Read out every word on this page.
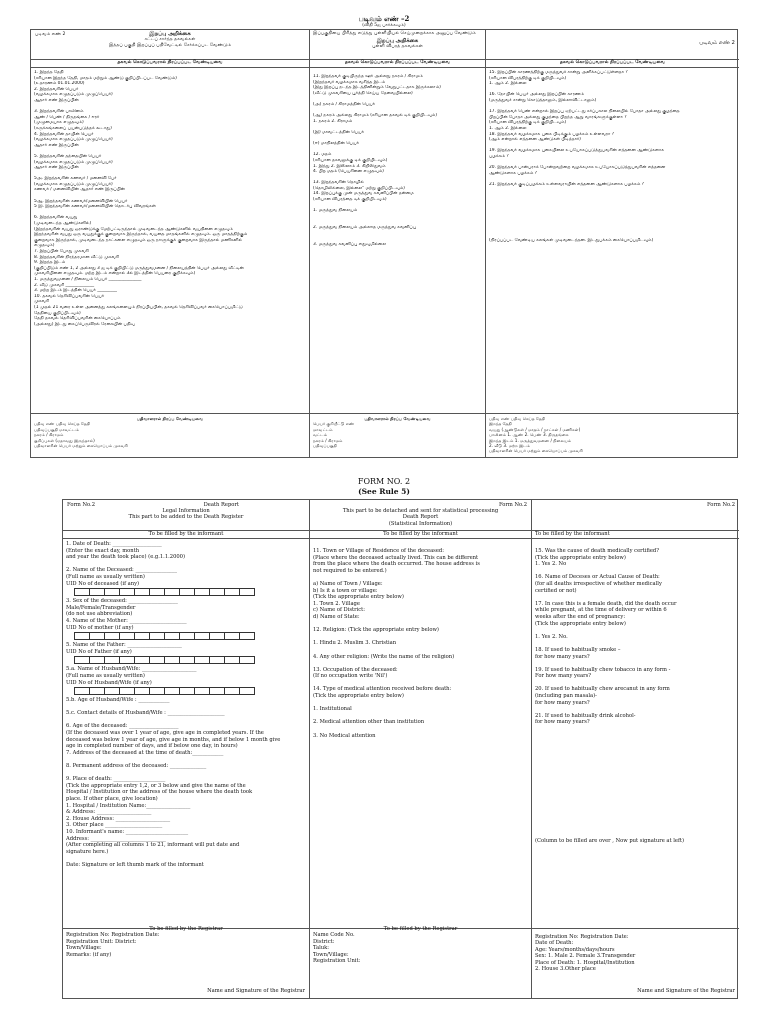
படிவம் எண் –2
(விதி 5ஐ பார்க்கவும்)
படிவம் எண் 2	இறப்பு அறிக்கை
சட்டப் சார்ந்த தகவல்கள்
இத்தப் பகுதி இறப்புப் பதிவேட்டில் சேர்க்கப்பட வேண்டும்
தகவல் கொடுப்பவரால் நிரப்பப்பட வேண்டியவை
1. இறந்த தேதி
(சரியான இறந்த தேதி, மாதம் மற்றும் ஆண்டு குறிப்பிடப்பட வேண்டும்)
(உதாரணம் 01.01.2000)
2. இறந்தவரின் பெயர்
(வழக்கமாக எழுதப்படும் முழுப்பெயர்)
ஆதார் எண் இருப்பின்

3. இறந்தவரின் பாலினம்
ஆண் / பெண் / திருநங்கை / ஈரர்
(முழுமையாக எழுதவும்)
(சுருக்கங்களைப் பயன்படுத்தக் கூடாது)
4. இறந்தவரின் தாயின் பெயர்
(வழக்கமாக எழுதப்படும் முழுப்பெயர்)
ஆதார் எண் இருப்பின்

5. இறந்தவரின் தந்தையின் பெயர்
(வழக்கமாக எழுதப்படும் முழுப்பெயர்)
ஆதார் எண் இருப்பின்

5அ. இறந்தவரின் கணவர் / மனைவி பேர்
(வழக்கமாக எழுதப்படும் முழுப்பெயர்)
கணவர் / மனைவியின் ஆதார் எண் இருப்பின்

5ஆ. இறந்தவரின் கணவர்/மனைவியின் பெயர்
5 இ. இறந்தவரின் கணவர்/மனைவியின் தொடர்பு விவரங்கள்

6. இறந்தவரின் வயது
(முடிவடைந்த ஆண்டுகளில்)
(இறந்தவரின் வயது ஒராண்டுக்கு மேற்பட்டிருந்தால் முடிவடைந்த ஆண்டுகளில் வயதினை எழுதவும்
இறந்தவரின் வயது ஒரு வயதுக்குக் குறைவாக இருந்தால், வயதை மாதங்களில் எழுதவும். ஒரு மாதத்திற்கும்
குறைவாக இருந்தால், முடிவடைந்த நாட்களை எழுதவும் ஒரு நாளுக்குக் குறைவாக இருந்தால் மணிகளில்
எழுதவும்)
7. இறப்பின் போது முகவரி
8. இறந்தவரின் நிரந்தரமான வீட்டு முகவரி
9. இறந்த இடம்
(குறிப்பிடும் எண் 1, 2 அல்லது 3 ஐ டிக் குறியிட்டு மருத்துவமனை / நிலையத்தின் பெயர் அல்லது வீட்டின்
முகவரியினை எழுதவும். மற்ற இடம் என்றால் 3ல் இடத்தின் பெயரை குறிக்கவும்)
1. மருத்துவமனை / நிலையம் பெயர் _______________
2. வீடு முகவரி _____________
3. மற்ற இடம் இடத்தின் பெயர் _________
10. தகவல் தெரிவிப்பவரின் பெயர்
முகவரி
(1 முதல் 21 வரை உள்ள அனைத்து கலங்களையும் நிரப்பியபின், தகவல் தெரிவிப்பவர் கையொப்பமிட்டு
தேதியை குறிப்பிடவும்)
தேதி தகவல் தெரிவிப்பவரின் கையொப்பம்
(அல்லது) இடது கைப்பெருவிரல் ரேகையின் பதிவு
பதிவாளரால் நிரப்ப வேண்டியவை
பதிவு எண் பதிவு செய்த தேதி
பதிவுப்பகுதி மாவட்டம்
நகரம் / கிராமம்
குறிப்புகள் (ஏதாவது இருந்தால்)
பதிவாளரின் பெயர் மற்றும் கையொப்பம் முகவரி
இப்பகுதியை பிரித்து எடுத்து புள்ளியியல் செய்முறைக்காக அனுப்ப வேண்டும்
இறப்பு அறிக்கை
புள்ளி விபரத் தகவல்கள்
தகவல் கொடுப்பவரால் நிரப்பப்பட வேண்டியவை
11. இறந்தவர் குடியிருந்த ஊர் அல்லது நகரம் / கிராமம்
(இறந்தவர் வழக்கமாக வசித்த இடம்
(இது இறப்பு நடந்த இடத்தினின்றும் வேறுபட்டதாக இருக்கலாம்)
(வீட்டு முகவரியை பூர்த்தி செய்ய தேவையில்லை)

(அ) நகரம் / கிராமத்தின் பெயர்

(ஆ) நகரம் அல்லது கிராமம் (சரியான தகவல் டிக் குறியிடவும்)
1. நகரம் 2. கிராமம்

(இ) மாவட்டத்தின் பெயர்

(ஈ) மாநிலத்தின் பெயர்

12. மதம்
(சரியான தகவலுக்கு டிக் குறியிடவும்)
1. இந்து 2. இஸ்லாம் 3. கிறிஸ்துவம்
4. பிற மதம் (பெயரினை எழுதவும்)

13. இறந்தவரின் தொழில்
(தொழிலில்லை, இல்லை" மற்று குறிப்பிடவும்)
14. இறப்புக்கு முன் மருத்துவ கவனிப்பின் தன்மை
(சரியான விபரத்தை டிக் குறியிடவும்)

1. மருத்துவ நிலையம்

2. மருத்துவ நிலையம் அல்லாத மருத்துவ கவனிப்பு

3. மருத்துவ கவனிப்பு எதுவுமில்லை
பதிவாளரால் நிரப்ப வேண்டியவை
பெயர் குறியீட்டு எண்
மாவட்டம்
வட்டம்
நகரம் / கிராமம்
பதிவுப்பகுதி
படிவம் எண் 2
தகவல் கொடுப்பவரால் நிரப்பப்பட வேண்டியவை
15. இறப்பின் காரணத்திற்கு மருத்துவச் சான்று அளிக்கப்பட்டுள்ளதா ?
(சரியான விபரத்திற்கு டிக் குறியிடவும்)
1. ஆம் 2. இல்லை

16. நோயின் பெயர் அல்லது இறப்பின் காரணம்
(மருத்துவச் சான்று கொடுத்தாலும், இல்லாவிட்டாலும்)

17. இறந்தவர் பெண் என்றால் இறப்பு ஏற்பட்டது கர்ப்பகால நிலையில் போதா அல்லது குழந்தை
பிறப்பின் போதா அல்லது குழந்தை பிறந்த ஆறு வாரங்களுக்குள்ளா ?
(சரியான விபரத்திற்கு டிக் குறியிடவும்)
1. ஆம் 2. இல்லை
18. இறந்தவர் வழக்கமாக புகை பிடிக்கும் பழக்கம் உள்ளவரா ?
(ஆம் என்றால் எத்தனை ஆண்டுகள் பிடித்தார்)

19. இறந்தவர் வழக்கமாக புகையிலை உபயோகப்படுத்துபவரின் எத்தனை ஆண்டுகளாக
பழக்கம் ?

20. இறந்தவர் பான்பராக் போன்றவற்றை வழக்கமாக உபயோகப்படுத்துபவரின் எத்தனை
ஆண்டுகளாக பழக்கம் ?

21. இறந்தவர் குடிப்பழக்கம் உள்ளவராயின் எத்தனை ஆண்டுகளாக பழக்கம் ?

(நிரப்பப்பட வேண்டிய கலங்கள் முடிவடைந்தன. இடதுபக்கம் கையொப்பமிடவும்)
பதிவு எண் பதிவு செய்த தேதி
இறந்த தேதி
வயது (ஆண்டுகள் / மாதம் / நாட்கள் / மணிகள்)
பாலினம் 1. ஆண் 2. பெண் 3. திருநங்கை
இறந்த இடம் 1. மருத்துவமனை / நிலையம்
2. வீடு 3. மற்ற இடம்
பதிவாளரின் பெயர் மற்றும் கையொப்பம் முகவரி
FORM NO. 2
(See Rule 5)
Form No.2	Death Report
Legal Information
This part to be added to the Death Register
To be filled by the informant
1. Date of Death: ___________________
(Enter the exact day, month
and year the death took place) (e.g.1.1.2000)

2. Name of the Deceased: ________________
(Full name as usually written)
UID No of deceased (if any)
3. Sex of the deceased: ___________________
Male/Female/Transgender
(do not use abbreviation)
4. Name of the Mother: ______________________
UID No of mother (if any)
5. Name of the Father: _____________________
UID No of Father (if any)
5.a. Name of Husband/Wife: _____________________
(Full name as usually written)
UID No of Husband/Wife (if any)
5.b. Age of Husband/Wife : ____________

5.c. Contact details of Husband/Wife : ______________________

6. Age of the deceased: ___________________
(If the deceased was over 1 year of age, give age in completed years. If the
deceased was below 1 year of age, give age in months, and if below 1 month give
age in completed number of days, and if below one day, in hours)
7. Address of the deceased at the time of death:____________

8. Permanent address of the deceased: ______________

9. Place of death: ____________________
(Tick the appropriate entry 1,2, or 3 below and give the name of the
Hospital / Institution or the address of the house where the death took
place. If other place, give location)
1. Hospital / Institution Name:_________________
& Address: _____________________
2. House Address: _____________________
3. Other place ______________________
10. Informant's name: ________________________
Address: _____________________________
(After completing all columns 1 to 21, informant will put date and
signature here.)

Date: Signature or left thumb mark of the informant
To be filled by the Registrar
Registration No: Registration Date:
Registration Unit: District:
Town/Village:
Remarks: (if any)
Name and Signature of the Registrar
Form No.2
This part to be detached and sent for statistical processing
Death Report
(Statistical Information)
To be filled by the informant
11. Town or Village of Residence of the deceased:
(Place where the deceased actually lived. This can be different
from the place where the death occurred. The house address is
not required to be entered.)

a) Name of Town / Village:
b) Is it a town or village:
(Tick the appropriate entry below)
1. Town 2. Village
c) Name of District:
d) Name of State:

12. Religion: (Tick the appropriate entry below)

1. Hindu 2. Muslim 3. Christian

4. Any other religion: (Write the name of the religion)

13. Occupation of the deceased:
(If no occupation write 'Nil')

14. Type of medical attention received before death:
(Tick the appropriate entry below)

1. Institutional

2. Medical attention other than institution

3. No Medical attention
To be filled by the Registrar
Name Code No.
District:
Taluk:
Town/Village:
Registration Unit:
Form No.2
To be filled by the informant
15. Was the cause of death medically certified?
(Tick the appropriate entry below)
1. Yes 2. No

16. Name of Deceses or Actual Cause of Death:
(for all deaths irrespective of whether medically
certified or not)

17. In case this is a female death, did the death occur
while pregnant, at the time of delivery or within 6
weeks after the end of pregnancy:
(Tick the appropriate entry below)

1. Yes 2. No.

18. If used to habitually smoke –
for how many years?

19. If used to habitually chew tobacco in any form -
For how many years?

20. If used to habitually chew arecanut in any form
(including pan masala)-
for how many years?

21. If used to habitually drink alcohol-
for how many years?

(Column to be filled are over , Now put signature at left)
Registration No: Registration Date:
Date of Death:
Age: Years/months/days/hours
Sex: 1. Male 2. Female 3.Transgender
Place of Death: 1. Hospital/Institution
2. House 3.Other place
Name and Signature of the Registrar
